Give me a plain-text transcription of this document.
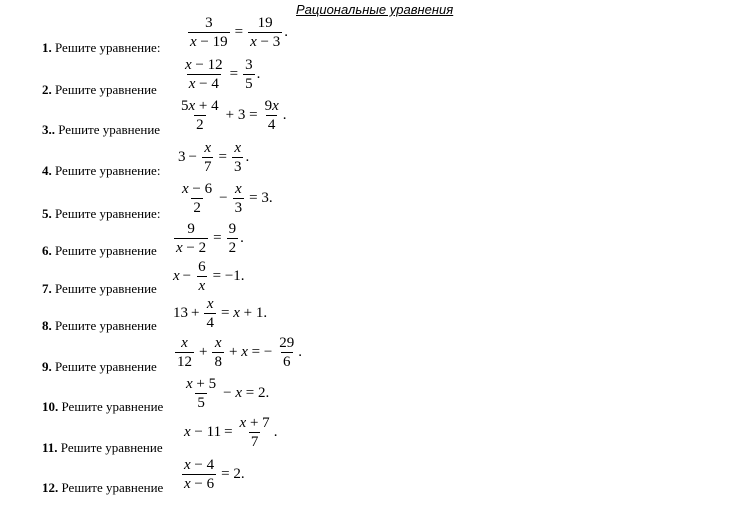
Рациональные уравнения
1. Решите уравнение: $\frac{3}{x - 19} = \frac{19}{x - 3}$ .
2. Решите уравнение $\frac{x - 12}{x - 4} = \frac{3}{5}$ .
3.. Решите уравнение $\frac{5x + 4}{2} + 3 = \frac{9x}{4}$ .
4. Решите уравнение:
$3 - \frac{x}{7} = \frac{x}{3}$ .
5. Решите уравнение: $\frac{x - 6}{2} - \frac{x}{3} = 3$.
6. Решите уравнение $\frac{9}{x - 2} = \frac{9}{2}$ .
7. Решите уравнение
$x - \frac{6}{x} = -1$.
8. Решите уравнение
$13 + \frac{x}{4} = x + 1$.
9. Решите уравнение $\frac{x}{12} + \frac{x}{8} + x$ = − $\frac{29}{6}$ .
10. Решите уравнение $\frac{x + 5}{5} - x = 2$.
11. Решите уравнение
$x - 11 = \frac{x + 7}{7}$ .
12. Решите уравнение $\frac{x - 4}{x - 6} = 2$.
